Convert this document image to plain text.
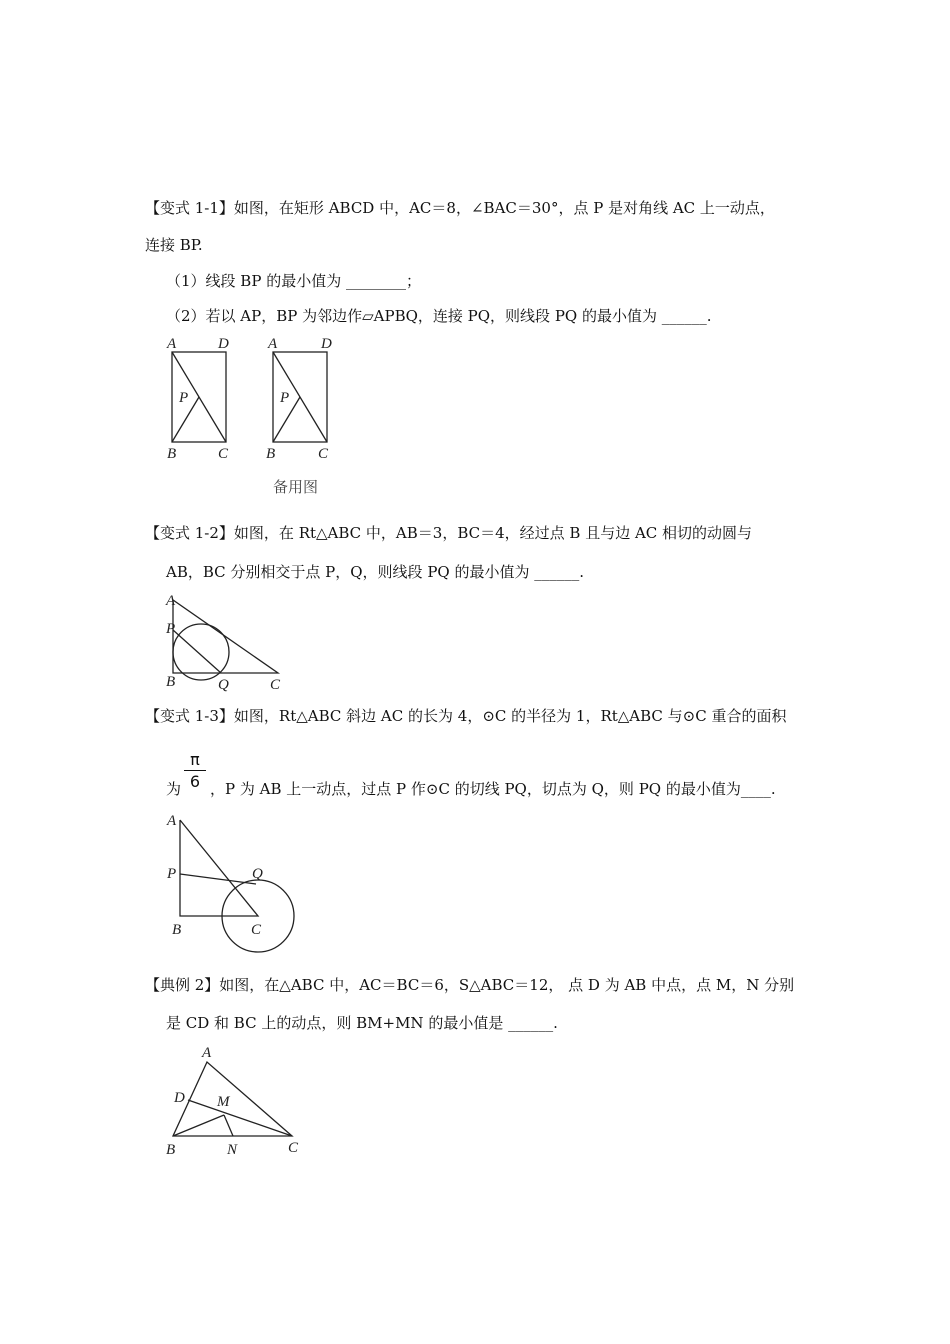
【变式 1-1】如图，在矩形 ABCD 中，AC＝8，∠BAC＝30°，点 P 是对角线 AC 上一动点，
连接 BP.
（1）线段 BP 的最小值为 ________；
（2）若以 AP，BP 为邻边作▱APBQ，连接 PQ，则线段 PQ 的最小值为 ______.
A	D
P
B	C
A	D
P
B	C
备用图
【变式 1-2】如图，在 Rt△ABC 中，AB＝3，BC＝4，经过点 B 且与边 AC 相切的动圆与
AB，BC 分别相交于点 P，Q，则线段 PQ 的最小值为 ______.
A
P
B	Q	C
【变式 1-3】如图，Rt△ABC 斜边 AC 的长为 4，⊙C 的半径为 1，Rt△ABC 与⊙C 重合的面积
π
6
为 ，P 为 AB 上一动点，过点 P 作⊙C 的切线 PQ，切点为 Q，则 PQ 的最小值为____.
A
P	Q
B	C
【典例 2】如图，在△ABC 中，AC＝BC＝6，S△ABC＝12， 点 D 为 AB 中点，点 M，N 分别
是 CD 和 BC 上的动点，则 BM+MN 的最小值是 ______.
A
D M
B	N	C
